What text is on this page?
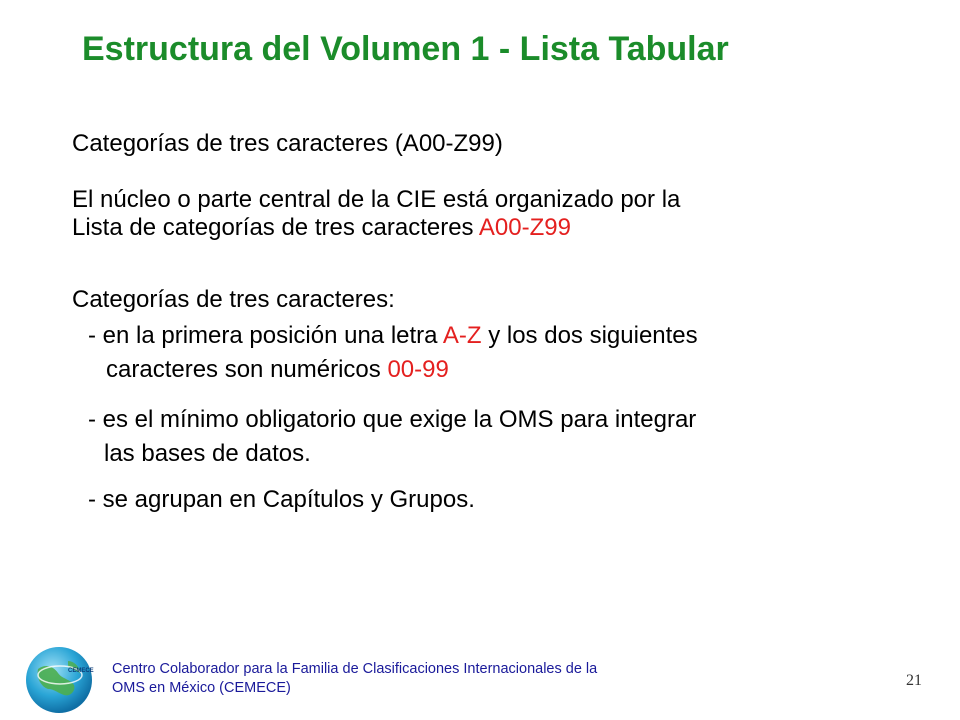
Estructura del Volumen 1 - Lista Tabular

Categorías de tres caracteres (A00-Z99)

El núcleo o parte central de la CIE está organizado por la

Lista de categorías de tres caracteres A00-Z99

Categorías de tres caracteres:

- en la primera posición una letra A-Z y los dos siguientes

caracteres son numéricos 00-99

- es el mínimo obligatorio que exige la OMS para integrar

las bases de datos.

- se agrupan en Capítulos y Grupos.

CEMECE Centro Colaborador para la Familia de Clasificaciones Internacionales de la
OMS en México (CEMECE)	21
